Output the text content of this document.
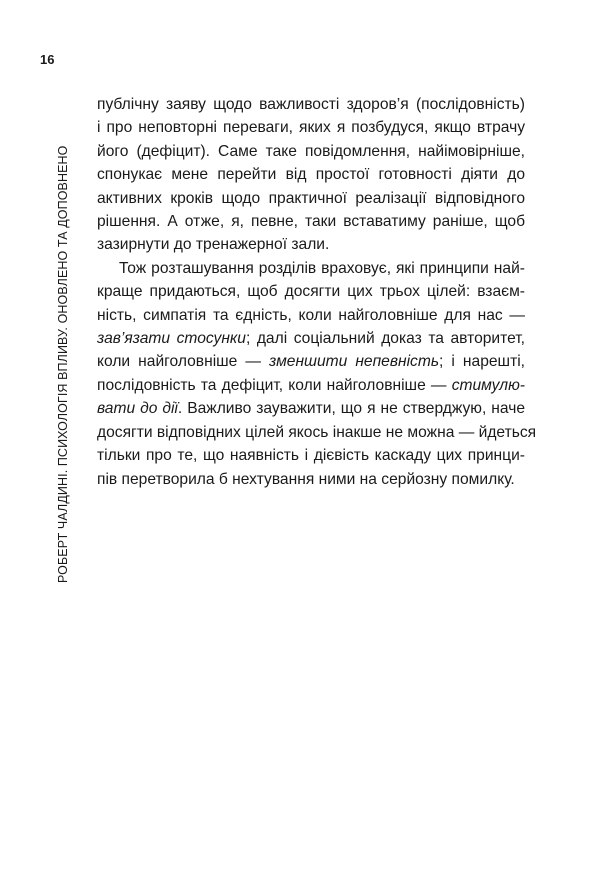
16
РОБЕРТ ЧАЛДИНІ. ПСИХОЛОГІЯ ВПЛИВУ. ОНОВЛЕНО ТА ДОПОВНЕНО
публічну заяву щодо важливості здоров’я (послідовність)
і про неповторні переваги, яких я позбудуся, якщо втрачу
його (дефіцит). Саме таке повідомлення, найімовірніше,
спонукає мене перейти від простої готовності діяти до
активних кроків щодо практичної реалізації відповідного
рішення. А отже, я, певне, таки вставатиму раніше, щоб
зазирнути до тренажерної зали.
Тож розташування розділів враховує, які принципи най-
краще придаються, щоб досягти цих трьох цілей: взаєм-
ність, симпатія та єдність, коли найголовніше для нас —
зав’язати стосунки; далі соціальний доказ та авторитет,
коли найголовніше — зменшити непевність; і нарешті,
послідовність та дефіцит, коли найголовніше — стимулю-
вати до дії. Важливо зауважити, що я не стверджую, наче
досягти відповідних цілей якось інакше не можна — йдеться
тільки про те, що наявність і дієвість каскаду цих принци-
пів перетворила б нехтування ними на серйозну помилку.
